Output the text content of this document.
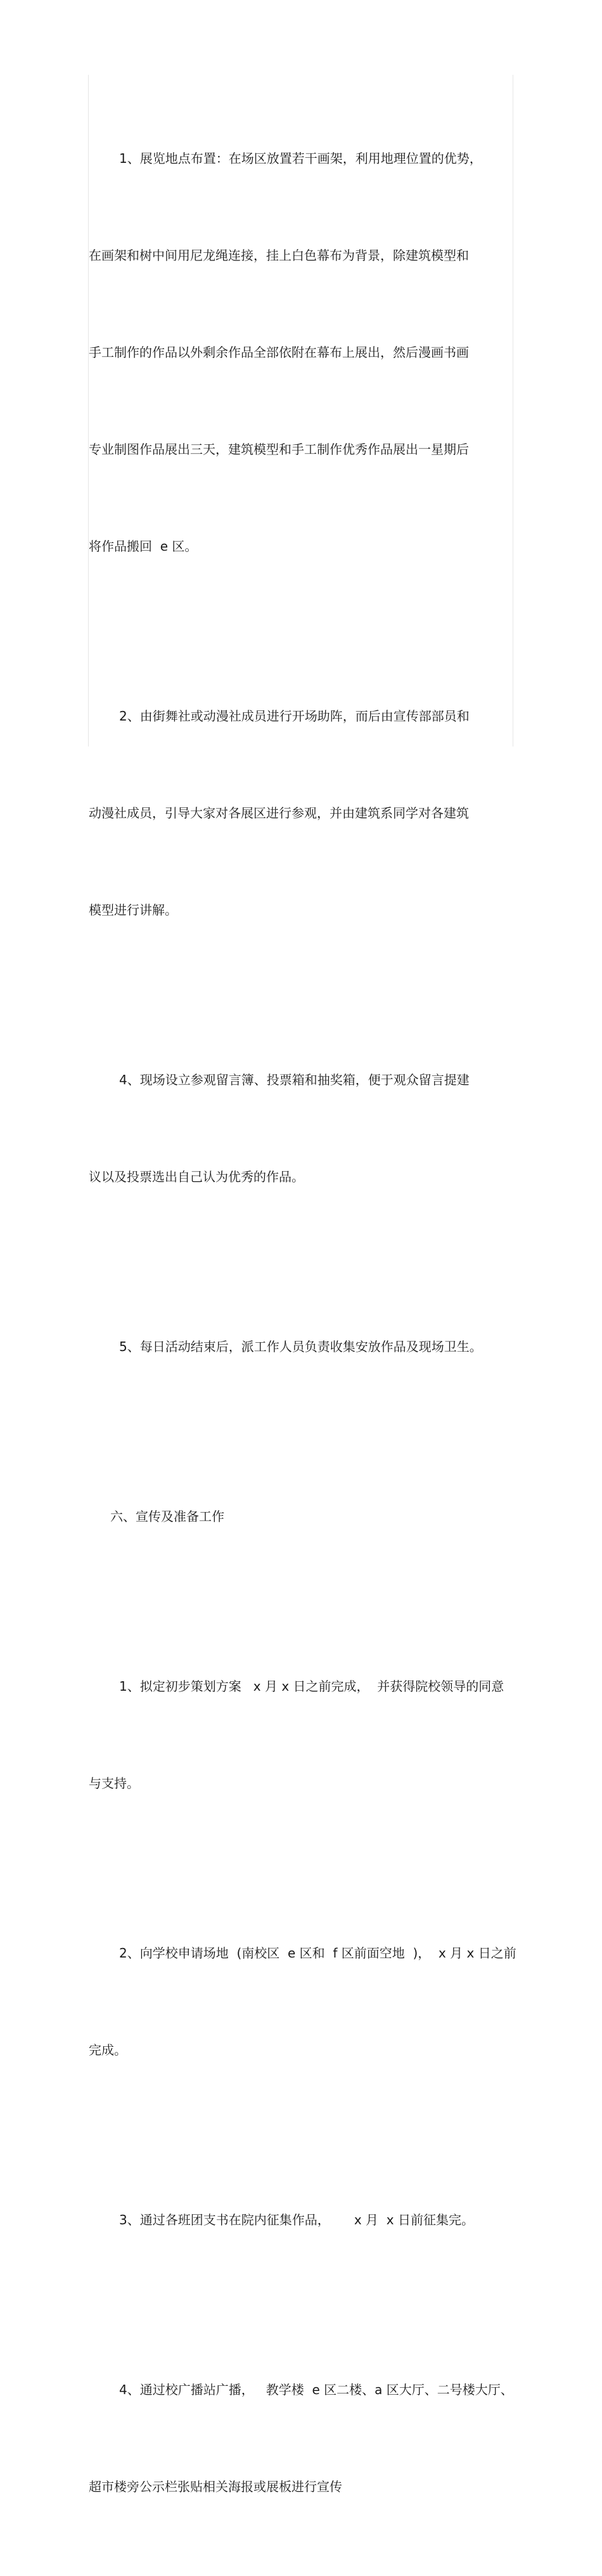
1、展览地点布置：在场区放置若干画架，利用地理位置的优势，

在画架和树中间用尼龙绳连接，挂上白色幕布为背景，除建筑模型和

手工制作的作品以外剩余作品全部依附在幕布上展出，然后漫画书画

专业制图作品展出三天，建筑模型和手工制作优秀作品展出一星期后

将作品搬回  e 区。

2、由街舞社或动漫社成员进行开场助阵，而后由宣传部部员和

动漫社成员，引导大家对各展区进行参观，并由建筑系同学对各建筑

模型进行讲解。

4、现场设立参观留言簿、投票箱和抽奖箱，便于观众留言提建

议以及投票选出自己认为优秀的作品。

5、每日活动结束后，派工作人员负责收集安放作品及现场卫生。

六、宣传及准备工作

1、拟定初步策划方案   x 月 x 日之前完成，  并获得院校领导的同意

与支持。

2、向学校申请场地  (南校区  e 区和  f 区前面空地  )，  x 月 x 日之前

完成。

3、通过各班团支书在院内征集作品，      x 月  x 日前征集完。

4、通过校广播站广播，   教学楼  e 区二楼、a 区大厅、二号楼大厅、

超市楼旁公示栏张贴相关海报或展板进行宣传
